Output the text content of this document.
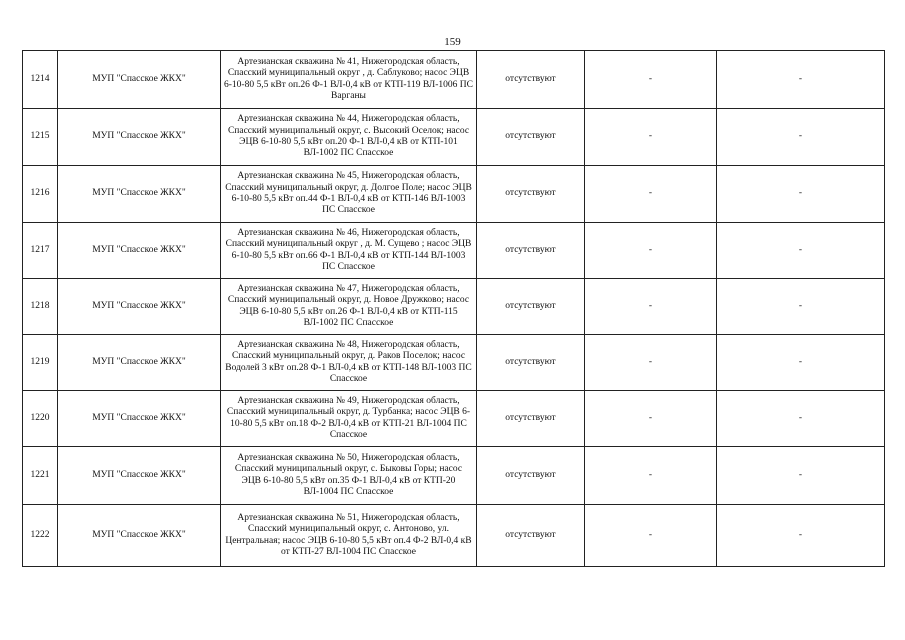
159
1214	МУП "Спасское ЖКХ"	Артезианская скважина № 41, Нижегородская область, Спасский муниципальный округ , д. Саблуково; насос ЭЦВ 6-10-80 5,5 кВт оп.26 Ф-1 ВЛ-0,4 кВ от КТП-119 ВЛ-1006 ПС Варганы	отсутствуют	-	-
1215	МУП "Спасское ЖКХ"	Артезианская скважина № 44, Нижегородская область, Спасский муниципальный округ, с. Высокий Оселок; насос ЭЦВ 6-10-80 5,5 кВт оп.20 Ф-1 ВЛ-0,4 кВ от КТП-101 ВЛ-1002 ПС Спасское	отсутствуют	-	-
1216	МУП "Спасское ЖКХ"	Артезианская скважина № 45, Нижегородская область, Спасский муниципальный округ, д. Долгое Поле; насос ЭЦВ 6-10-80 5,5 кВт оп.44 Ф-1 ВЛ-0,4 кВ от КТП-146 ВЛ-1003 ПС Спасское	отсутствуют	-	-
1217	МУП "Спасское ЖКХ"	Артезианская скважина № 46, Нижегородская область, Спасский муниципальный округ , д. М. Сущево ; насос ЭЦВ 6-10-80 5,5 кВт оп.66 Ф-1 ВЛ-0,4 кВ от КТП-144 ВЛ-1003 ПС Спасское	отсутствуют	-	-
1218	МУП "Спасское ЖКХ"	Артезианская скважина № 47, Нижегородская область, Спасский муниципальный округ, д. Новое Дружково; насос ЭЦВ 6-10-80 5,5 кВт оп.26 Ф-1 ВЛ-0,4 кВ от КТП-115 ВЛ-1002 ПС Спасское	отсутствуют	-	-
1219	МУП "Спасское ЖКХ"	Артезианская скважина № 48, Нижегородская область, Спасский муниципальный округ, д. Раков Поселок; насос Водолей 3 кВт оп.28 Ф-1 ВЛ-0,4 кВ от КТП-148 ВЛ-1003 ПС Спасское	отсутствуют	-	-
1220	МУП "Спасское ЖКХ"	Артезианская скважина № 49, Нижегородская область, Спасский муниципальный округ, д. Турбанка; насос ЭЦВ 6-10-80 5,5 кВт оп.18 Ф-2 ВЛ-0,4 кВ от КТП-21 ВЛ-1004 ПС Спасское	отсутствуют	-	-
1221	МУП "Спасское ЖКХ"	Артезианская скважина № 50, Нижегородская область, Спасский муниципальный округ, с. Быковы Горы; насос ЭЦВ 6-10-80 5,5 кВт оп.35 Ф-1 ВЛ-0,4 кВ от КТП-20 ВЛ-1004 ПС Спасское	отсутствуют	-	-
1222	МУП "Спасское ЖКХ"	Артезианская скважина № 51, Нижегородская область, Спасский муниципальный округ, с. Антоново, ул. Центральная; насос ЭЦВ 6-10-80 5,5 кВт оп.4 Ф-2 ВЛ-0,4 кВ от КТП-27 ВЛ-1004 ПС Спасское	отсутствуют	-	-
